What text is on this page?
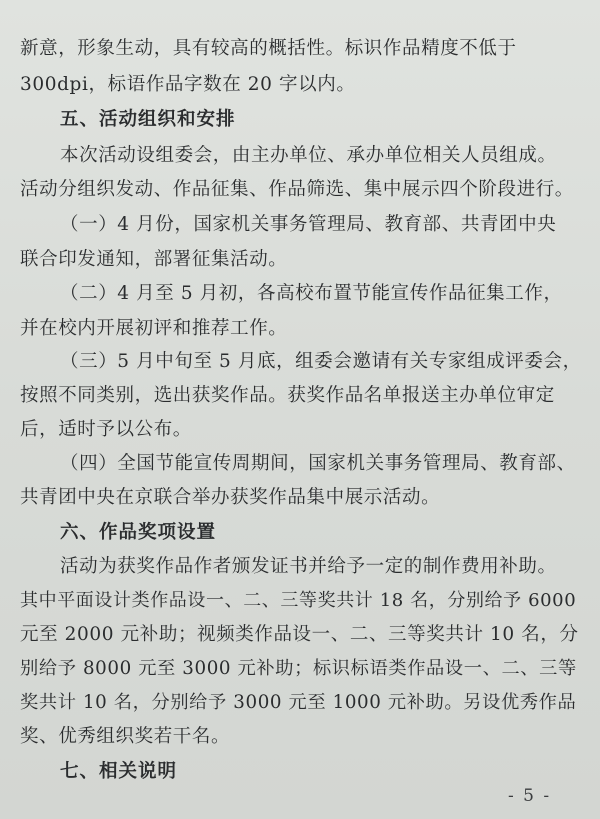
新意，形象生动，具有较高的概括性。标识作品精度不低于
300dpi，标语作品字数在 20 字以内。
五、活动组织和安排
本次活动设组委会，由主办单位、承办单位相关人员组成。
活动分组织发动、作品征集、作品筛选、集中展示四个阶段进行。
（一）4 月份，国家机关事务管理局、教育部、共青团中央
联合印发通知，部署征集活动。
（二）4 月至 5 月初，各高校布置节能宣传作品征集工作，
并在校内开展初评和推荐工作。
（三）5 月中旬至 5 月底，组委会邀请有关专家组成评委会，
按照不同类别，选出获奖作品。获奖作品名单报送主办单位审定
后，适时予以公布。
（四）全国节能宣传周期间，国家机关事务管理局、教育部、
共青团中央在京联合举办获奖作品集中展示活动。
六、作品奖项设置
活动为获奖作品作者颁发证书并给予一定的制作费用补助。
其中平面设计类作品设一、二、三等奖共计 18 名，分别给予 6000
元至 2000 元补助；视频类作品设一、二、三等奖共计 10 名，分
别给予 8000 元至 3000 元补助；标识标语类作品设一、二、三等
奖共计 10 名，分别给予 3000 元至 1000 元补助。另设优秀作品
奖、优秀组织奖若干名。
七、相关说明
- 5 -
